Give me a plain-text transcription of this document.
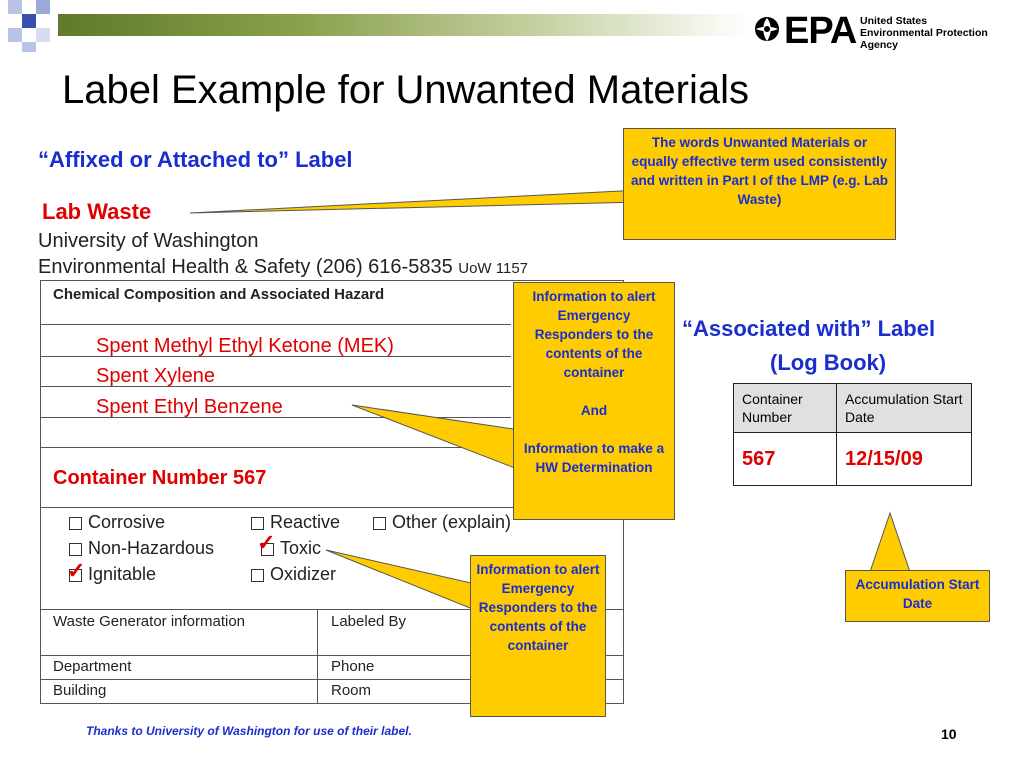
EPA United States
Environmental Protection
Agency
Label Example for Unwanted Materials
“Affixed or Attached to” Label
Lab Waste
University of Washington
Environmental Health & Safety (206) 616-5835 UoW 1157
Chemical Composition and Associated Hazard
Spent Methyl Ethyl Ketone (MEK)
Spent Xylene
Spent Ethyl Benzene
Container Number 567
Corrosive	Reactive	Other (explain)
Non-Hazardous	Toxic
Ignitable	Oxidizer
✓
✓
Waste Generator information	Labeled By
Department	Phone
Building	Room
The words Unwanted Materials or equally effective term used consistently and written in Part I of the LMP (e.g. Lab Waste)
Information to alert Emergency Responders to the contents of the container
And
Information to make a HW Determination
Information to alert Emergency Responders to the contents of the container
Accumulation Start Date
“Associated with” Label
(Log Book)
Container Number	Accumulation Start Date
567	12/15/09
Thanks to University of Washington for use of their label.	10
